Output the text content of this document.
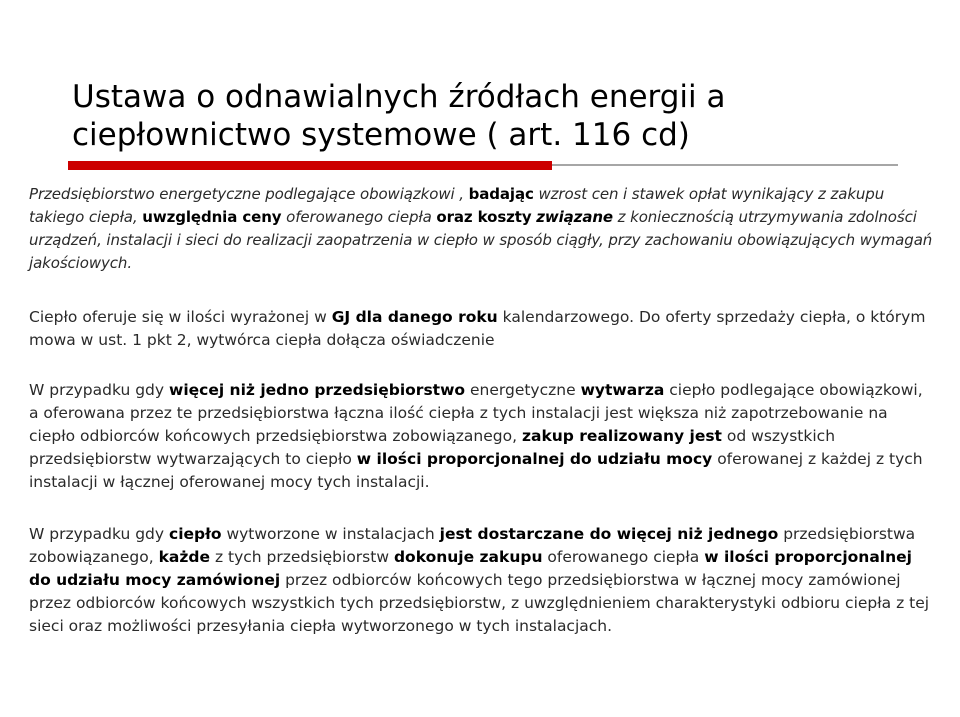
Ustawa o odnawialnych źródłach energii a
ciepłownictwo systemowe ( art. 116 cd)

Przedsiębiorstwo energetyczne podlegające obowiązkowi , badając wzrost cen i stawek opłat wynikający z zakupu takiego ciepła, uwzględnia ceny oferowanego ciepła oraz koszty związane z koniecznością utrzymywania zdolności urządzeń, instalacji i sieci do realizacji zaopatrzenia w ciepło w sposób ciągły, przy zachowaniu obowiązujących wymagań jakościowych.

Ciepło oferuje się w ilości wyrażonej w GJ dla danego roku kalendarzowego. Do oferty sprzedaży ciepła, o którym mowa w ust. 1 pkt 2, wytwórca ciepła dołącza oświadczenie

W przypadku gdy więcej niż jedno przedsiębiorstwo energetyczne wytwarza ciepło podlegające obowiązkowi, a oferowana przez te przedsiębiorstwa łączna ilość ciepła z tych instalacji jest większa niż zapotrzebowanie na ciepło odbiorców końcowych przedsiębiorstwa zobowiązanego, zakup realizowany jest od wszystkich przedsiębiorstw wytwarzających to ciepło w ilości proporcjonalnej do udziału mocy oferowanej z każdej z tych instalacji w łącznej oferowanej mocy tych instalacji.

W przypadku gdy ciepło wytworzone w instalacjach jest dostarczane do więcej niż jednego przedsiębiorstwa zobowiązanego, każde z tych przedsiębiorstw dokonuje zakupu oferowanego ciepła w ilości proporcjonalnej do udziału mocy zamówionej przez odbiorców końcowych tego przedsiębiorstwa w łącznej mocy zamówionej przez odbiorców końcowych wszystkich tych przedsiębiorstw, z uwzględnieniem charakterystyki odbioru ciepła z tej sieci oraz możliwości przesyłania ciepła wytworzonego w tych instalacjach.
